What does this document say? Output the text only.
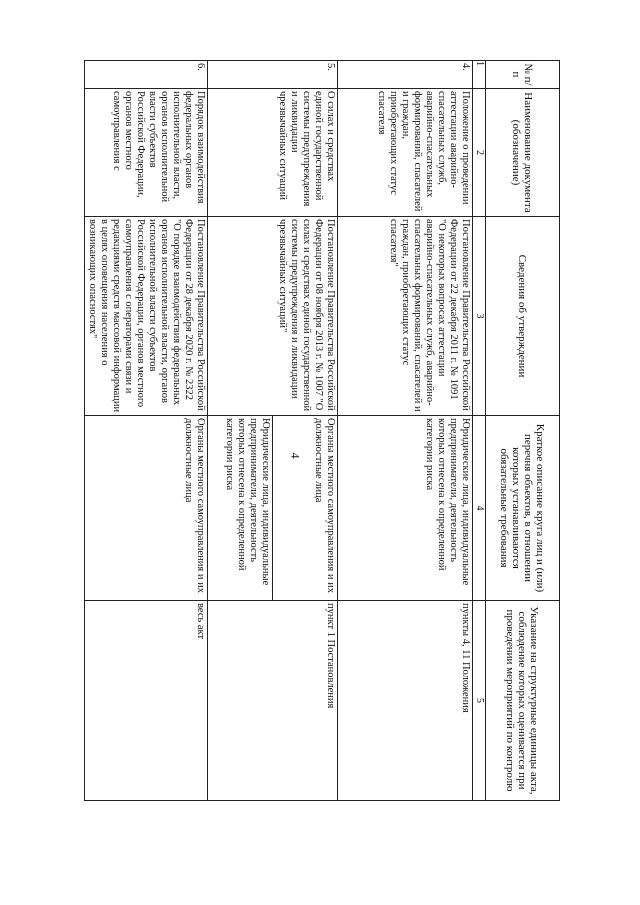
4
№ п/п	Наименование документа (обозначение)	Сведения об утверждении	Краткое описание круга лиц и (или) перечня объектов, в отношении которых устанавливаются обязательные требования	Указание на структурные единицы акта, соблюдение которых оценивается при проведении мероприятий по контролю
1	2	3	4	5
4.	Положение о проведении аттестации аварийно-спасательных служб, аварийно-спасательных формирований, спасателей и граждан, приобретающих статус спасателя	Постановление Правительства Российской Федерации от 22 декабря 2011 г. № 1091 "О некоторых вопросах аттестации аварийно-спасательных служб, аварийно-спасательных формирований, спасателей и граждан, приобретающих статус спасателя"	Юридические лица, индивидуальные предприниматели, деятельность которых отнесена к определенной категории риска	пункты 4, 11 Положения
5.	О силах и средствах единой государственной системы предупреждения и ликвидации чрезвычайных ситуаций	Постановление Правительства Российской Федерации от 08 ноября 2013 г. № 1007 "О силах и средствах единой государственной системы предупреждения и ликвидации чрезвычайных ситуаций"	Органы местного самоуправления и их должностные лица	пункт 1 Постановления
			Юридические лица, индивидуальные предприниматели, деятельность которых отнесена к определенной категории риска	
6.	Порядок взаимодействия федеральных органов исполнительной власти, органов исполнительной власти субъектов Российской Федерации, органов местного самоуправления с	Постановление Правительства Российской Федерации от 28 декабря 2020 г. № 2322 "О порядке взаимодействия федеральных органов исполнительной власти, органов исполнительной власти субъектов Российской Федерации, органов местного самоуправления с операторами связи и редакциями средств массовой информации в целях оповещения населения о возникающих опасностях"	Органы местного самоуправления и их должностные лица	весь акт
